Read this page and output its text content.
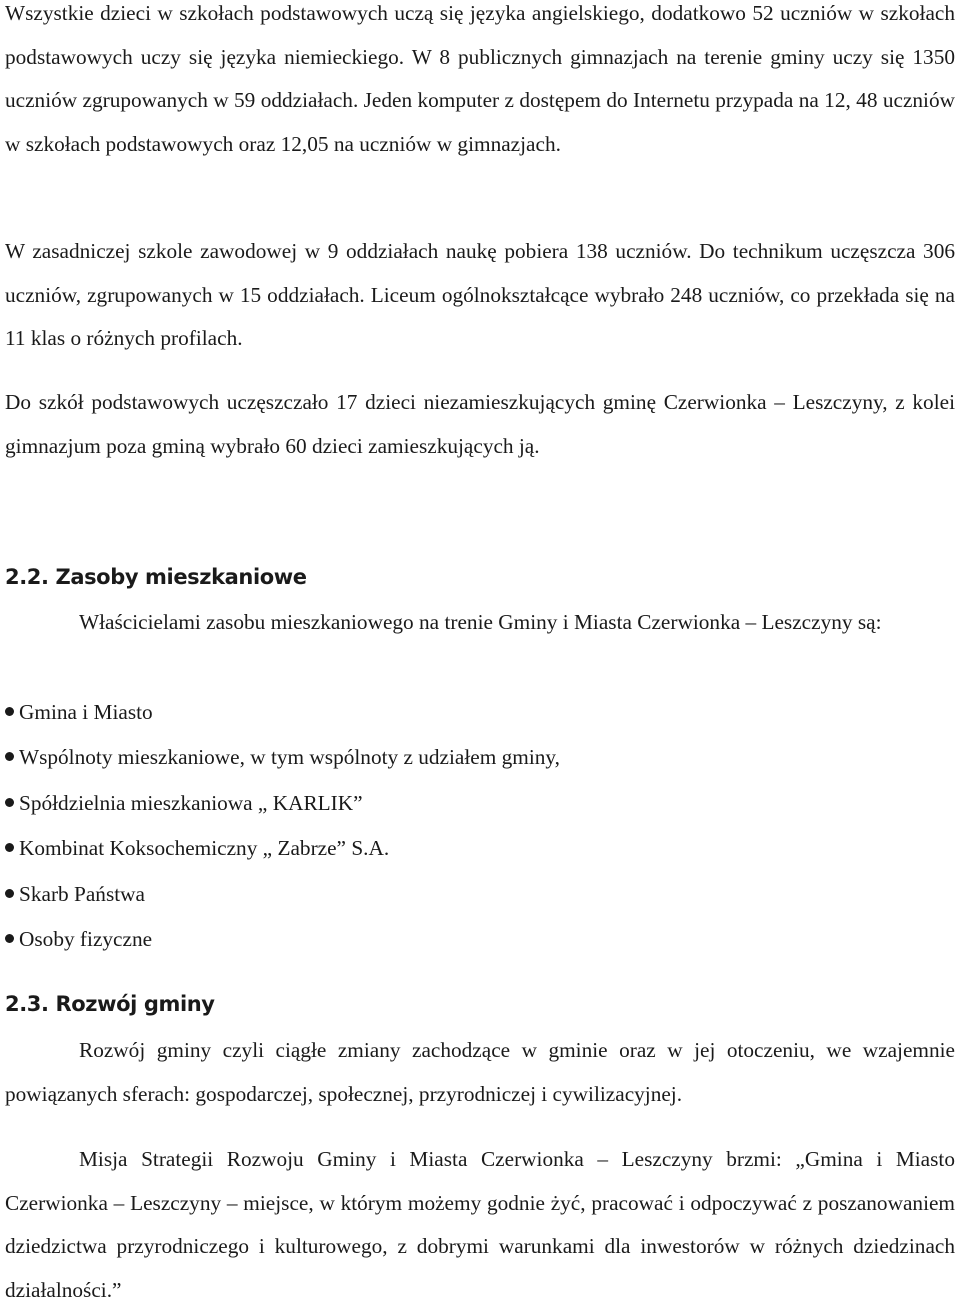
Wszystkie dzieci w szkołach podstawowych uczą się języka angielskiego, dodatkowo 52 uczniów w szkołach podstawowych uczy się języka niemieckiego. W 8 publicznych gimnazjach na terenie gminy uczy się 1350 uczniów zgrupowanych w 59 oddziałach. Jeden komputer z dostępem do Internetu przypada na 12, 48 uczniów w szkołach podstawowych oraz 12,05 na uczniów w gimnazjach.

W zasadniczej szkole zawodowej w 9 oddziałach naukę pobiera 138 uczniów. Do technikum uczęszcza 306 uczniów, zgrupowanych w 15 oddziałach. Liceum ogólnokształcące wybrało 248 uczniów, co przekłada się na 11 klas o różnych profilach.

Do szkół podstawowych uczęszczało 17 dzieci niezamieszkujących gminę Czerwionka – Leszczyny, z kolei gimnazjum poza gminą wybrało 60 dzieci zamieszkujących ją.

2.2. Zasoby mieszkaniowe

Właścicielami zasobu mieszkaniowego na trenie Gminy i Miasta Czerwionka – Leszczyny są:

Gmina i Miasto
Wspólnoty mieszkaniowe, w tym wspólnoty z udziałem gminy,
Spółdzielnia mieszkaniowa „ KARLIK”
Kombinat Koksochemiczny „ Zabrze” S.A.
Skarb Państwa
Osoby fizyczne
2.3. Rozwój gminy

Rozwój gminy czyli ciągłe zmiany zachodzące w gminie oraz w jej otoczeniu, we wzajemnie powiązanych sferach: gospodarczej, społecznej, przyrodniczej i cywilizacyjnej.

Misja Strategii Rozwoju Gminy i Miasta Czerwionka – Leszczyny brzmi: „Gmina i Miasto Czerwionka – Leszczyny – miejsce, w którym możemy godnie żyć, pracować i odpoczywać z poszanowaniem dziedzictwa przyrodniczego i kulturowego, z dobrymi warunkami dla inwestorów w różnych dziedzinach działalności.”
